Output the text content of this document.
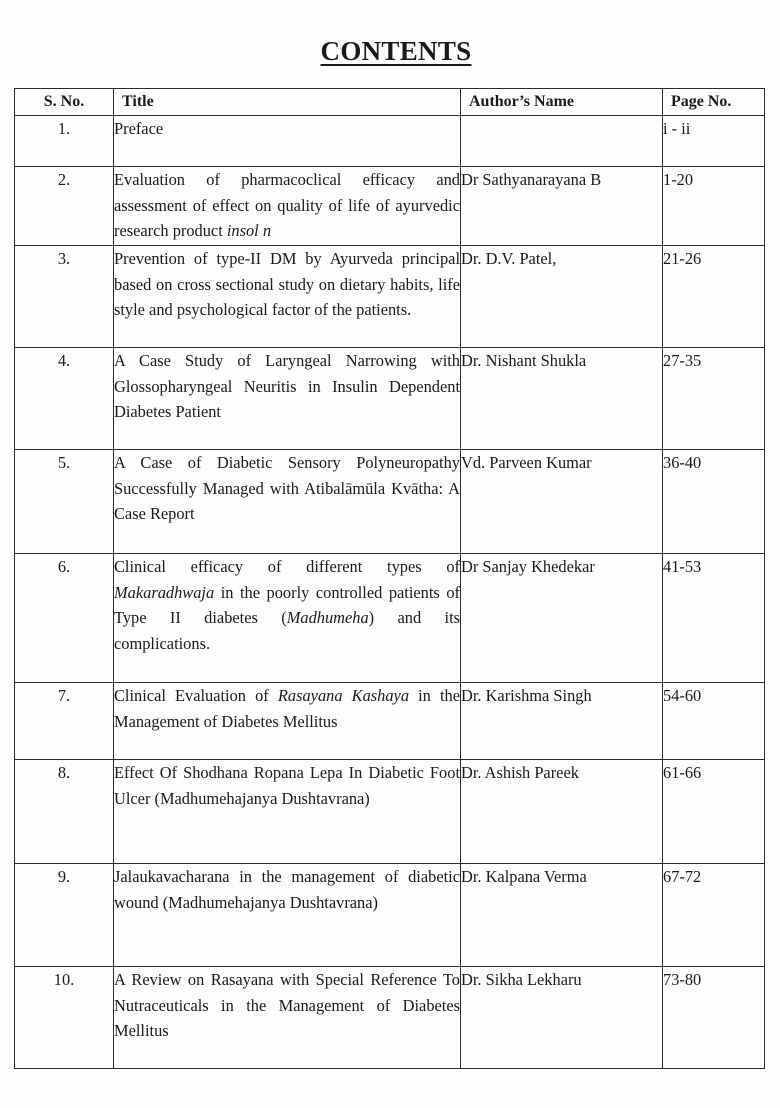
CONTENTS
S. No.	Title	Author’s Name	Page No.
1.	Preface		i - ii
2.	Evaluation of pharmacoclical efficacy and assessment of effect on quality of life of ayurvedic research product insol n	Dr Sathyanarayana B	1-20
3.	Prevention of type-II DM by Ayurveda principal based on cross sectional study on dietary habits, life style and psychological factor of the patients.	Dr. D.V. Patel,	21-26
4.	A Case Study of Laryngeal Narrowing with Glossopharyngeal Neuritis in Insulin Dependent Diabetes Patient	Dr. Nishant Shukla	27-35
5.	A Case of Diabetic Sensory Polyneuropathy Successfully Managed with Atibalāmūla Kvātha: A Case Report	Vd. Parveen Kumar	36-40
6.	Clinical efficacy of different types of Makaradhwaja in the poorly controlled patients of Type II diabetes (Madhumeha) and its complications.	Dr Sanjay Khedekar	41-53
7.	Clinical Evaluation of Rasayana Kashaya in the Management of Diabetes Mellitus	Dr. Karishma Singh	54-60
8.	Effect Of Shodhana Ropana Lepa In Diabetic Foot Ulcer (Madhumehajanya Dushtavrana)	Dr. Ashish Pareek	61-66
9.	Jalaukavacharana in the management of diabetic wound (Madhumehajanya Dushtavrana)	Dr. Kalpana Verma	67-72
10.	A Review on Rasayana with Special Reference To Nutraceuticals in the Management of Diabetes Mellitus	Dr. Sikha Lekharu	73-80
